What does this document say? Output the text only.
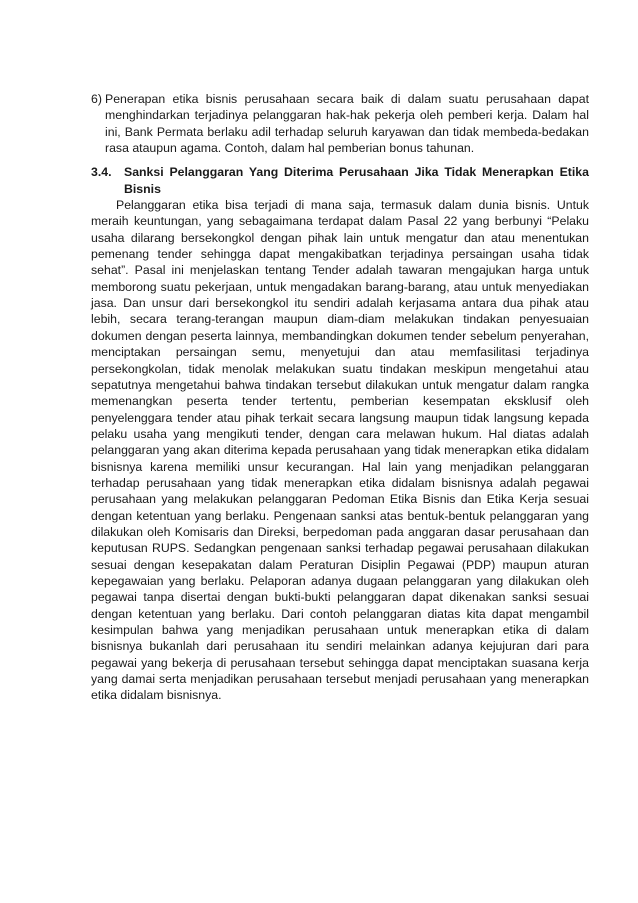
6) Penerapan etika bisnis perusahaan secara baik di dalam suatu perusahaan dapat menghindarkan terjadinya pelanggaran hak-hak pekerja oleh pemberi kerja. Dalam hal ini, Bank Permata berlaku adil terhadap seluruh karyawan dan tidak membeda-bedakan rasa ataupun agama. Contoh, dalam hal pemberian bonus tahunan.
3.4. Sanksi Pelanggaran Yang Diterima Perusahaan Jika Tidak Menerapkan Etika Bisnis

Pelanggaran etika bisa terjadi di mana saja, termasuk dalam dunia bisnis. Untuk meraih keuntungan, yang sebagaimana terdapat dalam Pasal 22 yang berbunyi “Pelaku usaha dilarang bersekongkol dengan pihak lain untuk mengatur dan atau menentukan pemenang tender sehingga dapat mengakibatkan terjadinya persaingan usaha tidak sehat”. Pasal ini menjelaskan tentang Tender adalah tawaran mengajukan harga untuk memborong suatu pekerjaan, untuk mengadakan barang-barang, atau untuk menyediakan jasa. Dan unsur dari bersekongkol itu sendiri adalah kerjasama antara dua pihak atau lebih, secara terang-terangan maupun diam-diam melakukan tindakan penyesuaian dokumen dengan peserta lainnya, membandingkan dokumen tender sebelum penyerahan, menciptakan persaingan semu, menyetujui dan atau memfasilitasi terjadinya persekongkolan, tidak menolak melakukan suatu tindakan meskipun mengetahui atau sepatutnya mengetahui bahwa tindakan tersebut dilakukan untuk mengatur dalam rangka memenangkan peserta tender tertentu, pemberian kesempatan eksklusif oleh penyelenggara tender atau pihak terkait secara langsung maupun tidak langsung kepada pelaku usaha yang mengikuti tender, dengan cara melawan hukum. Hal diatas adalah pelanggaran yang akan diterima kepada perusahaan yang tidak menerapkan etika didalam bisnisnya karena memiliki unsur kecurangan. Hal lain yang menjadikan pelanggaran terhadap perusahaan yang tidak menerapkan etika didalam bisnisnya adalah pegawai perusahaan yang melakukan pelanggaran Pedoman Etika Bisnis dan Etika Kerja sesuai dengan ketentuan yang berlaku. Pengenaan sanksi atas bentuk-bentuk pelanggaran yang dilakukan oleh Komisaris dan Direksi, berpedoman pada anggaran dasar perusahaan dan keputusan RUPS. Sedangkan pengenaan sanksi terhadap pegawai perusahaan dilakukan sesuai dengan kesepakatan dalam Peraturan Disiplin Pegawai (PDP) maupun aturan kepegawaian yang berlaku. Pelaporan adanya dugaan pelanggaran yang dilakukan oleh pegawai tanpa disertai dengan bukti-bukti pelanggaran dapat dikenakan sanksi sesuai dengan ketentuan yang berlaku. Dari contoh pelanggaran diatas kita dapat mengambil kesimpulan bahwa yang menjadikan perusahaan untuk menerapkan etika di dalam bisnisnya bukanlah dari perusahaan itu sendiri melainkan adanya kejujuran dari para pegawai yang bekerja di perusahaan tersebut sehingga dapat menciptakan suasana kerja yang damai serta menjadikan perusahaan tersebut menjadi perusahaan yang menerapkan etika didalam bisnisnya.
